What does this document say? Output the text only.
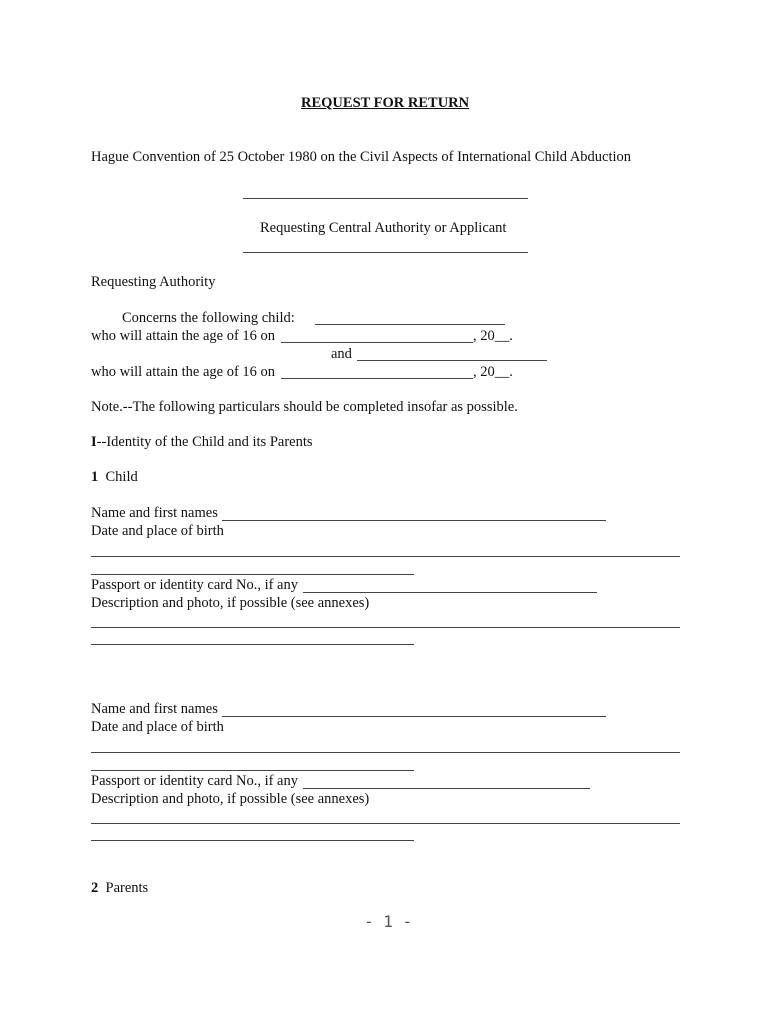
REQUEST FOR RETURN
Hague Convention of 25 October 1980 on the Civil Aspects of International Child Abduction
Requesting Central Authority or Applicant
Requesting Authority
Concerns the following child:
who will attain the age of 16 on	, 20__.
and
who will attain the age of 16 on	, 20__.
Note.--The following particulars should be completed insofar as possible.
I--Identity of the Child and its Parents
1 Child
Name and first names
Date and place of birth
Passport or identity card No., if any
Description and photo, if possible (see annexes)
Name and first names
Date and place of birth
Passport or identity card No., if any
Description and photo, if possible (see annexes)
2 Parents
- 1 -
